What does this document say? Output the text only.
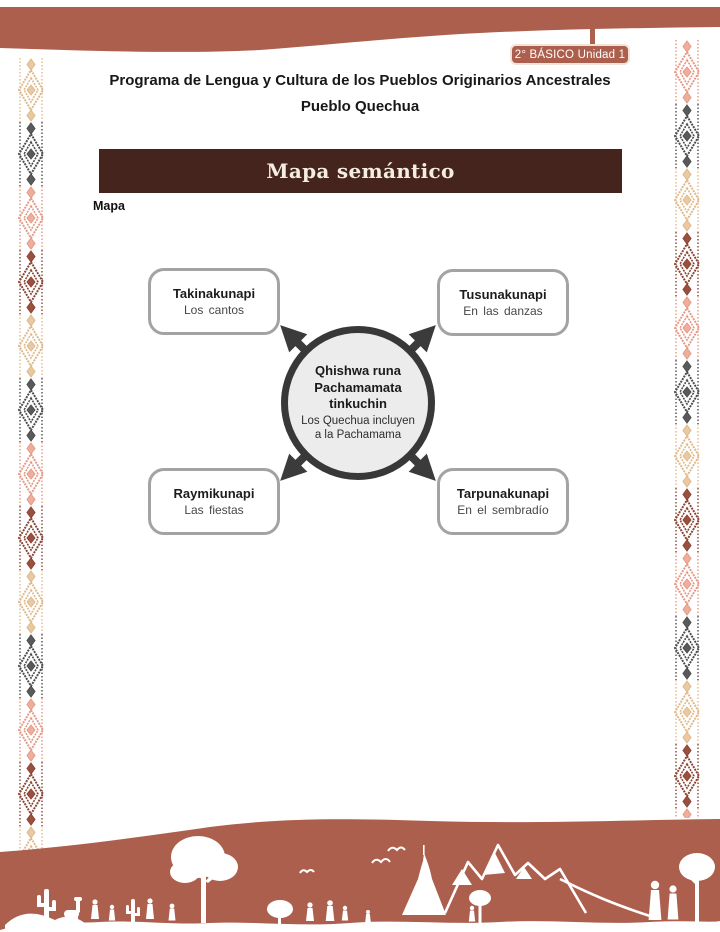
2° BÁSICO Unidad 1
Programa de Lengua y Cultura de los Pueblos Originarios Ancestrales
Pueblo Quechua
Mapa semántico
Mapa
Qhishwa runa Pachamamata tinkuchin
Los Quechua incluyen a la Pachamama
Takinakunapi
Los cantos
Tusunakunapi
En las danzas
Raymikunapi
Las fiestas
Tarpunakunapi
En el sembradío
